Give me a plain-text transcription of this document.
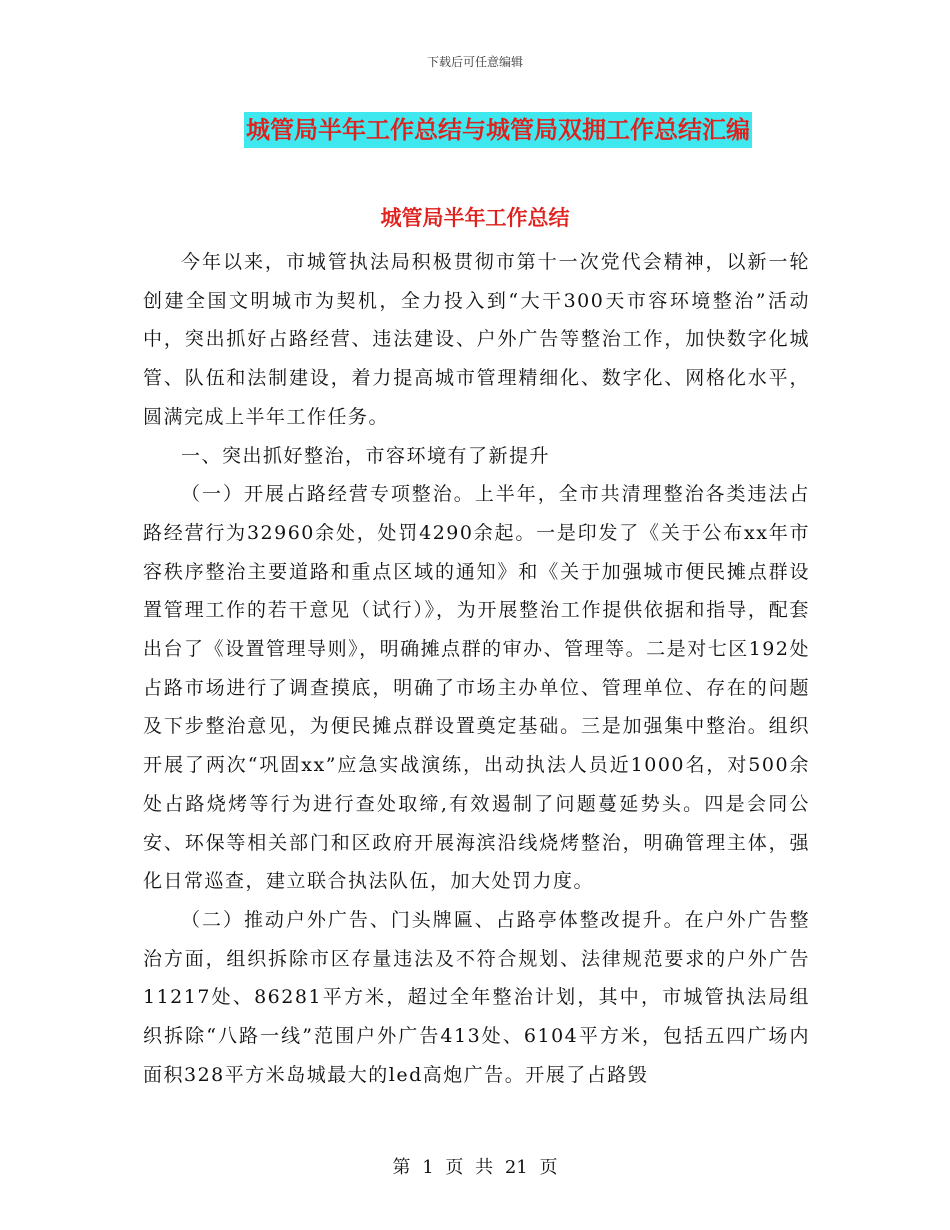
下载后可任意编辑
城管局半年工作总结与城管局双拥工作总结汇编
城管局半年工作总结

今年以来，市城管执法局积极贯彻市第十一次党代会精神，以新一轮创建全国文明城市为契机，全力投入到“大干300天市容环境整治”活动中，突出抓好占路经营、违法建设、户外广告等整治工作，加快数字化城管、队伍和法制建设，着力提高城市管理精细化、数字化、网格化水平，圆满完成上半年工作任务。

一、突出抓好整治，市容环境有了新提升

（一）开展占路经营专项整治。上半年，全市共清理整治各类违法占路经营行为32960余处，处罚4290余起。一是印发了《关于公布xx年市容秩序整治主要道路和重点区域的通知》和《关于加强城市便民摊点群设置管理工作的若干意见（试行）》，为开展整治工作提供依据和指导，配套出台了《设置管理导则》，明确摊点群的审办、管理等。二是对七区192处占路市场进行了调查摸底，明确了市场主办单位、管理单位、存在的问题及下步整治意见，为便民摊点群设置奠定基础。三是加强集中整治。组织开展了两次“巩固xx”应急实战演练，出动执法人员近1000名，对500余处占路烧烤等行为进行查处取缔,有效遏制了问题蔓延势头。四是会同公安、环保等相关部门和区政府开展海滨沿线烧烤整治，明确管理主体，强化日常巡查，建立联合执法队伍，加大处罚力度。

（二）推动户外广告、门头牌匾、占路亭体整改提升。在户外广告整治方面，组织拆除市区存量违法及不符合规划、法律规范要求的户外广告11217处、86281平方米，超过全年整治计划，其中，市城管执法局组织拆除“八路一线”范围户外广告413处、6104平方米，包括五四广场内面积328平方米岛城最大的led高炮广告。开展了占路毁

第 1 页 共 21 页
